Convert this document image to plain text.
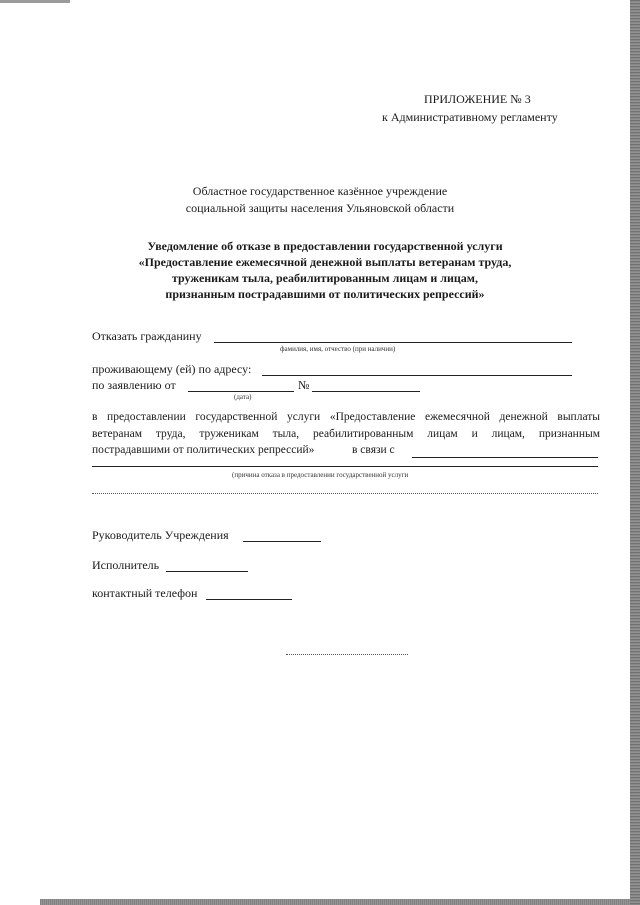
ПРИЛОЖЕНИЕ № 3
к Административному регламенту
Областное государственное казённое учреждение
социальной защиты населения Ульяновской области
Уведомление об отказе в предоставлении государственной услуги
«Предоставление ежемесячной денежной выплаты ветеранам труда,
труженикам тыла, реабилитированным лицам и лицам,
признанным пострадавшими от политических репрессий»
Отказать гражданину
фамилия, имя, отчество (при наличии)
проживающему (ей) по адресу:
по заявлению от	№
(дата)
в предоставлении государственной услуги «Предоставление ежемесячной денежной выплаты
ветеранам труда, труженикам тыла, реабилитированным лицам и лицам, признанным
пострадавшими от политических репрессий»	в связи с
(причина отказа в предоставлении государственной услуги
Руководитель Учреждения
Исполнитель
контактный телефон
